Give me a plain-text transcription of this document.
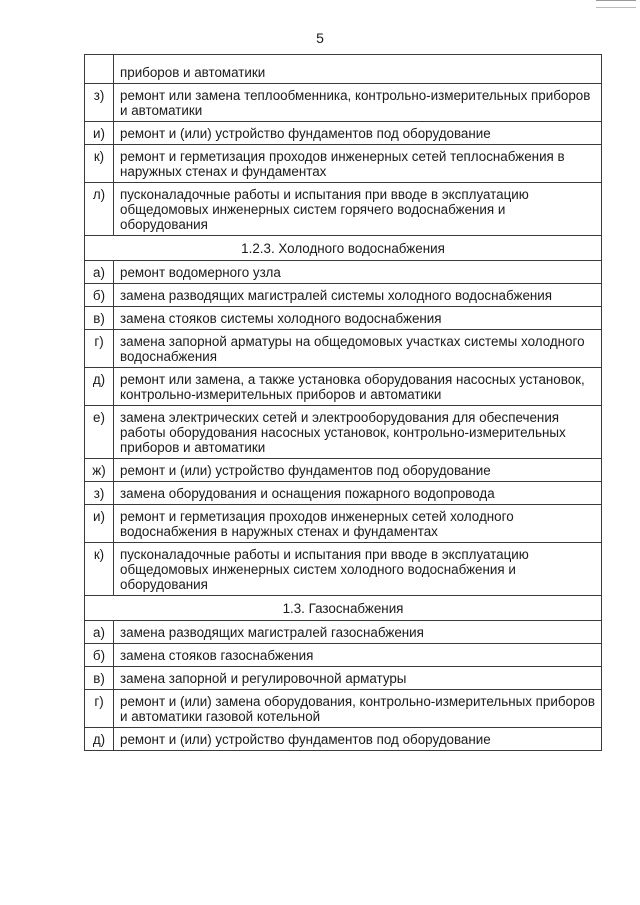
5
	приборов и автоматики
з)	ремонт или замена теплообменника, контрольно-измерительных приборов и автоматики
и)	ремонт и (или) устройство фундаментов под оборудование
к)	ремонт и герметизация проходов инженерных сетей теплоснабжения в наружных стенах и фундаментах
л)	пусконаладочные работы и испытания при вводе в эксплуатацию общедомовых инженерных систем горячего водоснабжения и оборудования
1.2.3. Холодного водоснабжения	
а)	ремонт водомерного узла
б)	замена разводящих магистралей системы холодного водоснабжения
в)	замена стояков системы холодного водоснабжения
г)	замена запорной арматуры на общедомовых участках системы холодного водоснабжения
д)	ремонт или замена, а также установка оборудования насосных установок, контрольно-измерительных приборов и автоматики
е)	замена электрических сетей и электрооборудования для обеспечения работы оборудования насосных установок, контрольно-измерительных приборов и автоматики
ж)	ремонт и (или) устройство фундаментов под оборудование
з)	замена оборудования и оснащения пожарного водопровода
и)	ремонт и герметизация проходов инженерных сетей холодного водоснабжения в наружных стенах и фундаментах
к)	пусконаладочные работы и испытания при вводе в эксплуатацию общедомовых инженерных систем холодного водоснабжения и оборудования
1.3. Газоснабжения	
а)	замена разводящих магистралей газоснабжения
б)	замена стояков газоснабжения
в)	замена запорной и регулировочной арматуры
г)	ремонт и (или) замена оборудования, контрольно-измерительных приборов и автоматики газовой котельной
д)	ремонт и (или) устройство фундаментов под оборудование
